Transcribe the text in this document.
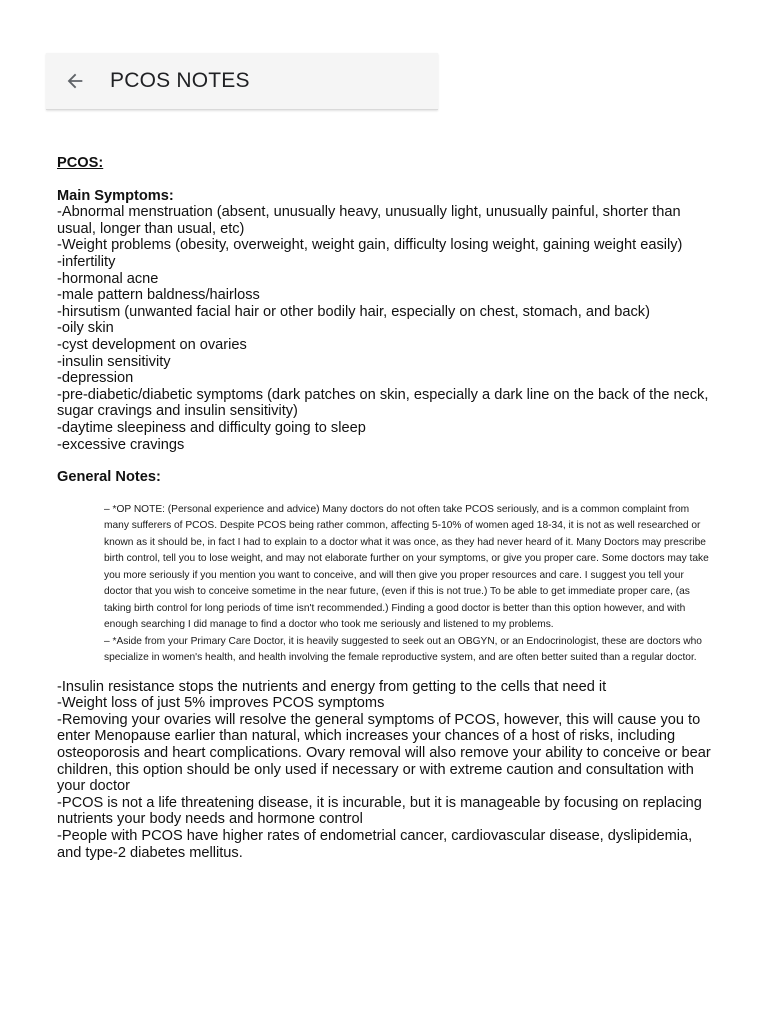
PCOS NOTES

PCOS:

Main Symptoms:

-Abnormal menstruation (absent, unusually heavy, unusually light, unusually painful, shorter than usual, longer than usual, etc)
-Weight problems (obesity, overweight, weight gain, difficulty losing weight, gaining weight easily)
-infertility
-hormonal acne
-male pattern baldness/hairloss
-hirsutism (unwanted facial hair or other bodily hair, especially on chest, stomach, and back)
-oily skin
-cyst development on ovaries
-insulin sensitivity
-depression
-pre-diabetic/diabetic symptoms (dark patches on skin, especially a dark line on the back of the neck, sugar cravings and insulin sensitivity)
-daytime sleepiness and difficulty going to sleep
-excessive cravings

General Notes:

– *OP NOTE: (Personal experience and advice) Many doctors do not often take PCOS seriously, and is a common complaint from many sufferers of PCOS. Despite PCOS being rather common, affecting 5-10% of women aged 18-34, it is not as well researched or known as it should be, in fact I had to explain to a doctor what it was once, as they had never heard of it. Many Doctors may prescribe birth control, tell you to lose weight, and may not elaborate further on your symptoms, or give you proper care. Some doctors may take you more seriously if you mention you want to conceive, and will then give you proper resources and care. I suggest you tell your doctor that you wish to conceive sometime in the near future, (even if this is not true.) To be able to get immediate proper care, (as taking birth control for long periods of time isn't recommended.) Finding a good doctor is better than this option however, and with enough searching I did manage to find a doctor who took me seriously and listened to my problems.

– *Aside from your Primary Care Doctor, it is heavily suggested to seek out an OBGYN, or an Endocrinologist, these are doctors who specialize in women's health, and health involving the female reproductive system, and are often better suited than a regular doctor.

-Insulin resistance stops the nutrients and energy from getting to the cells that need it
-Weight loss of just 5% improves PCOS symptoms
-Removing your ovaries will resolve the general symptoms of PCOS, however, this will cause you to enter Menopause earlier than natural, which increases your chances of a host of risks, including osteoporosis and heart complications. Ovary removal will also remove your ability to conceive or bear children, this option should be only used if necessary or with extreme caution and consultation with your doctor
-PCOS is not a life threatening disease, it is incurable, but it is manageable by focusing on replacing nutrients your body needs and hormone control
-People with PCOS have higher rates of endometrial cancer, cardiovascular disease, dyslipidemia, and type-2 diabetes mellitus.
